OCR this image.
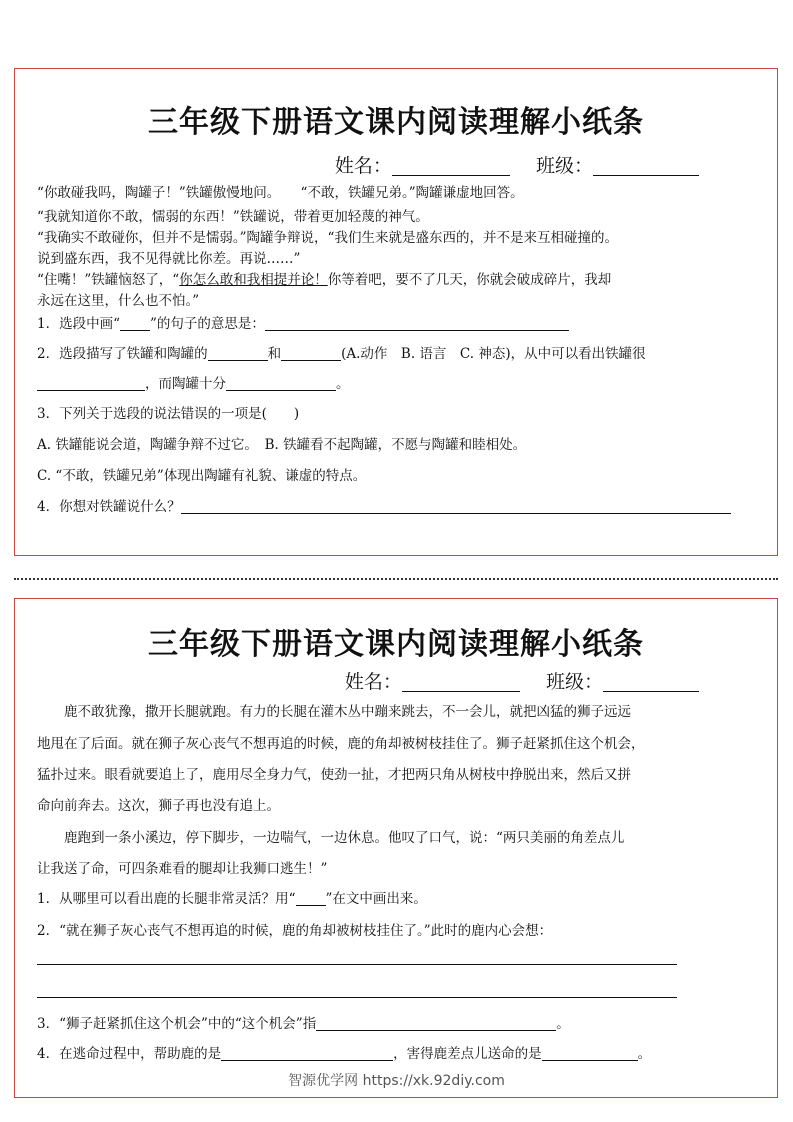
三年级下册语文课内阅读理解小纸条
姓名：	班级：
“你敢碰我吗，陶罐子！”铁罐傲慢地问。　　“不敢，铁罐兄弟。”陶罐谦虚地回答。
“我就知道你不敢，懦弱的东西！”铁罐说，带着更加轻蔑的神气。
“我确实不敢碰你，但并不是懦弱。”陶罐争辩说，“我们生来就是盛东西的，并不是来互相碰撞的。
说到盛东西，我不见得就比你差。再说……”
“住嘴！”铁罐恼怒了，“你怎么敢和我相提并论！你等着吧，要不了几天，你就会破成碎片，我却
永远在这里，什么也不怕。”
1．选段中画“ ”的句子的意思是：
2．选段描写了铁罐和陶罐的	和	(A.动作　B. 语言　C. 神态)，从中可以看出铁罐很
，而陶罐十分	。
3．下列关于选段的说法错误的一项是(　　)
A. 铁罐能说会道，陶罐争辩不过它。　B. 铁罐看不起陶罐，不愿与陶罐和睦相处。
C. “不敢，铁罐兄弟”体现出陶罐有礼貌、谦虚的特点。
4．你想对铁罐说什么？
三年级下册语文课内阅读理解小纸条
姓名：	班级：
鹿不敢犹豫，撒开长腿就跑。有力的长腿在灌木丛中蹦来跳去，不一会儿，就把凶猛的狮子远远
地甩在了后面。就在狮子灰心丧气不想再追的时候，鹿的角却被树枝挂住了。狮子赶紧抓住这个机会，
猛扑过来。眼看就要追上了，鹿用尽全身力气，使劲一扯，才把两只角从树枝中挣脱出来，然后又拼
命向前奔去。这次，狮子再也没有追上。
鹿跑到一条小溪边，停下脚步，一边喘气，一边休息。他叹了口气，说：“两只美丽的角差点儿
让我送了命，可四条难看的腿却让我狮口逃生！”
1．从哪里可以看出鹿的长腿非常灵活？用“ ”在文中画出来。
2．“就在狮子灰心丧气不想再追的时候，鹿的角却被树枝挂住了。”此时的鹿内心会想：
3．“狮子赶紧抓住这个机会”中的“这个机会”指	。
4．在逃命过程中，帮助鹿的是	，害得鹿差点儿送命的是	。
智源优学网 https://xk.92diy.com
